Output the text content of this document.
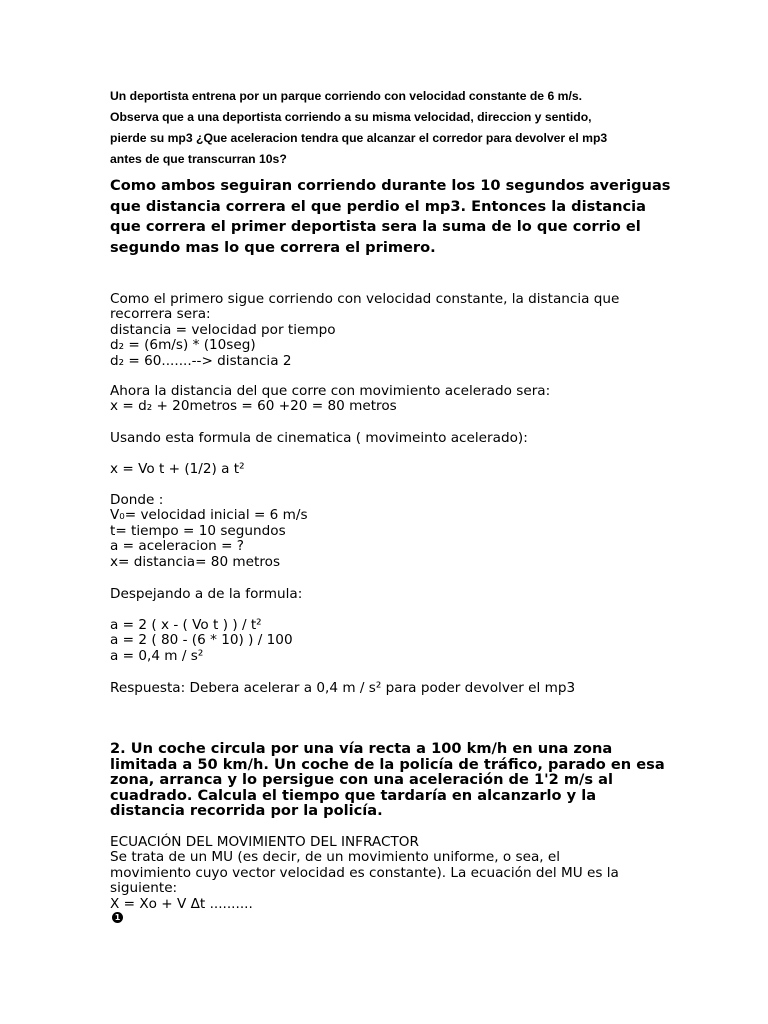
Un deportista entrena por un parque corriendo con velocidad constante de 6 m/s.
Observa que a una deportista corriendo a su misma velocidad, direccion y sentido,
pierde su mp3 ¿Que aceleracion tendra que alcanzar el corredor para devolver el mp3
antes de que transcurran 10s?

Como ambos seguiran corriendo durante los 10 segundos averiguas
que distancia correra el que perdio el mp3. Entonces la distancia
que correra el primer deportista sera la suma de lo que corrio el
segundo mas lo que correra el primero.

Como el primero sigue corriendo con velocidad constante, la distancia que
recorrera sera:
distancia = velocidad por tiempo
d₂ = (6m/s) * (10seg)
d₂ = 60.......--> distancia 2

Ahora la distancia del que corre con movimiento acelerado sera:
x = d₂ + 20metros = 60 +20 = 80 metros

Usando esta formula de cinematica ( movimeinto acelerado):

x = Vo t + (1/2) a t²

Donde :
V₀= velocidad inicial = 6 m/s
t= tiempo = 10 segundos
a = aceleracion = ?
x= distancia= 80 metros

Despejando a de la formula:

a = 2 ( x - ( Vo t ) ) / t²
a = 2 ( 80 - (6 * 10) ) / 100
a = 0,4 m / s²

Respuesta: Debera acelerar a 0,4 m / s² para poder devolver el mp3

2. Un coche circula por una vía recta a 100 km/h en una zona
limitada a 50 km/h. Un coche de la policía de tráfico, parado en esa
zona, arranca y lo persigue con una aceleración de 1'2 m/s al
cuadrado. Calcula el tiempo que tardaría en alcanzarlo y la
distancia recorrida por la policía.

ECUACIÓN DEL MOVIMIENTO DEL INFRACTOR
Se trata de un MU (es decir, de un movimiento uniforme, o sea, el
movimiento cuyo vector velocidad es constante). La ecuación del MU es la
siguiente:
X = Xo + V Δt ..........
1
